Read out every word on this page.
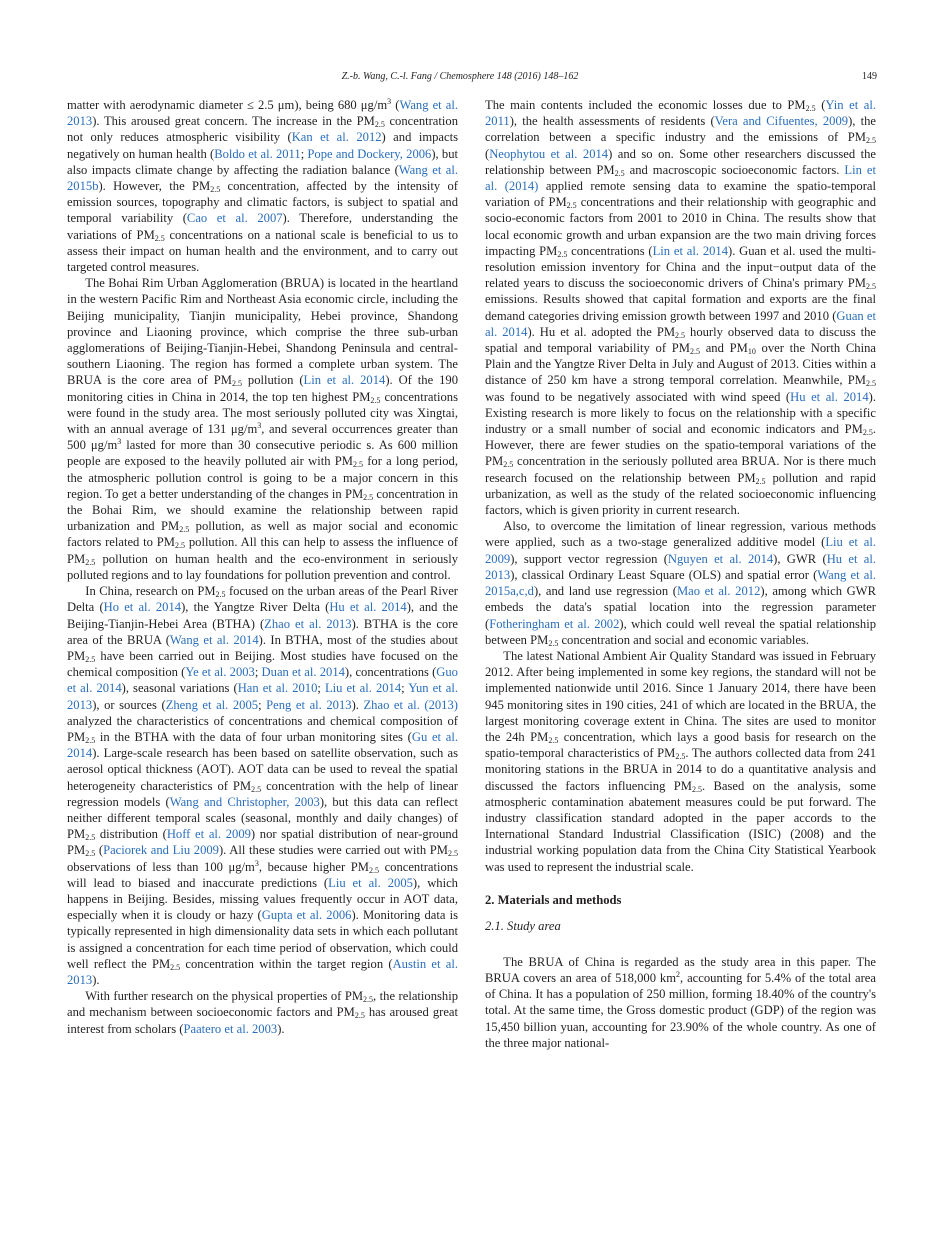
Z.-b. Wang, C.-l. Fang / Chemosphere 148 (2016) 148–162	149

matter with aerodynamic diameter ≤ 2.5 μm), being 680 $\mu g/m^3$ (Wang et al. 2013). This aroused great concern. The increase in the $PM_{2.5}$ concentration not only reduces atmospheric visibility (Kan et al. 2012) and impacts negatively on human health (Boldo et al. 2011; Pope and Dockery, 2006), but also impacts climate change by affecting the radiation balance (Wang et al. 2015b). However, the $PM_{2.5}$ concentration, affected by the intensity of emission sources, topography and climatic factors, is subject to spatial and temporal variability (Cao et al. 2007). Therefore, understanding the variations of $PM_{2.5}$ concentrations on a national scale is beneficial to us to assess their impact on human health and the environment, and to carry out targeted control measures.

The Bohai Rim Urban Agglomeration (BRUA) is located in the heartland in the western Pacific Rim and Northeast Asia economic circle, including the Beijing municipality, Tianjin municipality, Hebei province, Shandong province and Liaoning province, which comprise the three sub-urban agglomerations of Beijing-Tianjin-Hebei, Shandong Peninsula and central-southern Liaoning. The region has formed a complete urban system. The BRUA is the core area of $PM_{2.5}$ pollution (Lin et al. 2014). Of the 190 monitoring cities in China in 2014, the top ten highest $PM_{2.5}$ concentrations were found in the study area. The most seriously polluted city was Xingtai, with an annual average of 131 $\mu g/m^3$, and several occurrences greater than 500 $\mu g/m^3$ lasted for more than 30 consecutive periodic s. As 600 million people are exposed to the heavily polluted air with $PM_{2.5}$ for a long period, the atmospheric pollution control is going to be a major concern in this region. To get a better understanding of the changes in $PM_{2.5}$ concentration in the Bohai Rim, we should examine the relationship between rapid urbanization and $PM_{2.5}$ pollution, as well as major social and economic factors related to $PM_{2.5}$ pollution. All this can help to assess the influence of $PM_{2.5}$ pollution on human health and the eco-environment in seriously polluted regions and to lay foundations for pollution prevention and control.

In China, research on $PM_{2.5}$ focused on the urban areas of the Pearl River Delta (Ho et al. 2014), the Yangtze River Delta (Hu et al. 2014), and the Beijing-Tianjin-Hebei Area (BTHA) (Zhao et al. 2013). BTHA is the core area of the BRUA (Wang et al. 2014). In BTHA, most of the studies about $PM_{2.5}$ have been carried out in Beijing. Most studies have focused on the chemical composition (Ye et al. 2003; Duan et al. 2014), concentrations (Guo et al. 2014), seasonal variations (Han et al. 2010; Liu et al. 2014; Yun et al. 2013), or sources (Zheng et al. 2005; Peng et al. 2013). Zhao et al. (2013) analyzed the characteristics of concentrations and chemical composition of $PM_{2.5}$ in the BTHA with the data of four urban monitoring sites (Gu et al. 2014). Large-scale research has been based on satellite observation, such as aerosol optical thickness (AOT). AOT data can be used to reveal the spatial heterogeneity characteristics of $PM_{2.5}$ concentration with the help of linear regression models (Wang and Christopher, 2003), but this data can reflect neither different temporal scales (seasonal, monthly and daily changes) of $PM_{2.5}$ distribution (Hoff et al. 2009) nor spatial distribution of near-ground $PM_{2.5}$ (Paciorek and Liu 2009). All these studies were carried out with $PM_{2.5}$ observations of less than 100 $\mu g/m^3$, because higher $PM_{2.5}$ concentrations will lead to biased and inaccurate predictions (Liu et al. 2005), which happens in Beijing. Besides, missing values frequently occur in AOT data, especially when it is cloudy or hazy (Gupta et al. 2006). Monitoring data is typically represented in high dimensionality data sets in which each pollutant is assigned a concentration for each time period of observation, which could well reflect the $PM_{2.5}$ concentration within the target region (Austin et al. 2013).

With further research on the physical properties of $PM_{2.5}$, the relationship and mechanism between socioeconomic factors and $PM_{2.5}$ has aroused great interest from scholars (Paatero et al. 2003).

The main contents included the economic losses due to $PM_{2.5}$ (Yin et al. 2011), the health assessments of residents (Vera and Cifuentes, 2009), the correlation between a specific industry and the emissions of $PM_{2.5}$ (Neophytou et al. 2014) and so on. Some other researchers discussed the relationship between $PM_{2.5}$ and macroscopic socioeconomic factors. Lin et al. (2014) applied remote sensing data to examine the spatio-temporal variation of $PM_{2.5}$ concentrations and their relationship with geographic and socio-economic factors from 2001 to 2010 in China. The results show that local economic growth and urban expansion are the two main driving forces impacting $PM_{2.5}$ concentrations (Lin et al. 2014). Guan et al. used the multi-resolution emission inventory for China and the input−output data of the related years to discuss the socioeconomic drivers of China's primary $PM_{2.5}$ emissions. Results showed that capital formation and exports are the final demand categories driving emission growth between 1997 and 2010 (Guan et al. 2014). Hu et al. adopted the $PM_{2.5}$ hourly observed data to discuss the spatial and temporal variability of $PM_{2.5}$ and $PM_{10}$ over the North China Plain and the Yangtze River Delta in July and August of 2013. Cities within a distance of 250 km have a strong temporal correlation. Meanwhile, $PM_{2.5}$ was found to be negatively associated with wind speed (Hu et al. 2014). Existing research is more likely to focus on the relationship with a specific industry or a small number of social and economic indicators and $PM_{2.5}$. However, there are fewer studies on the spatio-temporal variations of the $PM_{2.5}$ concentration in the seriously polluted area BRUA. Nor is there much research focused on the relationship between $PM_{2.5}$ pollution and rapid urbanization, as well as the study of the related socioeconomic influencing factors, which is given priority in current research.

Also, to overcome the limitation of linear regression, various methods were applied, such as a two-stage generalized additive model (Liu et al. 2009), support vector regression (Nguyen et al. 2014), GWR (Hu et al. 2013), classical Ordinary Least Square (OLS) and spatial error (Wang et al. 2015a,c,d), and land use regression (Mao et al. 2012), among which GWR embeds the data's spatial location into the regression parameter (Fotheringham et al. 2002), which could well reveal the spatial relationship between $PM_{2.5}$ concentration and social and economic variables.

The latest National Ambient Air Quality Standard was issued in February 2012. After being implemented in some key regions, the standard will not be implemented nationwide until 2016. Since 1 January 2014, there have been 945 monitoring sites in 190 cities, 241 of which are located in the BRUA, the largest monitoring coverage extent in China. The sites are used to monitor the 24h $PM_{2.5}$ concentration, which lays a good basis for research on the spatio-temporal characteristics of $PM_{2.5}$. The authors collected data from 241 monitoring stations in the BRUA in 2014 to do a quantitative analysis and discussed the factors influencing $PM_{2.5}$. Based on the analysis, some atmospheric contamination abatement measures could be put forward. The industry classification standard adopted in the paper accords to the International Standard Industrial Classification (ISIC) (2008) and the industrial working population data from the China City Statistical Yearbook was used to represent the industrial scale.

2. Materials and methods
2.1. Study area

The BRUA of China is regarded as the study area in this paper. The BRUA covers an area of 518,000 $km^2$, accounting for 5.4% of the total area of China. It has a population of 250 million, forming 18.40% of the country's total. At the same time, the Gross domestic product (GDP) of the region was 15,450 billion yuan, accounting for 23.90% of the whole country. As one of the three major national-
